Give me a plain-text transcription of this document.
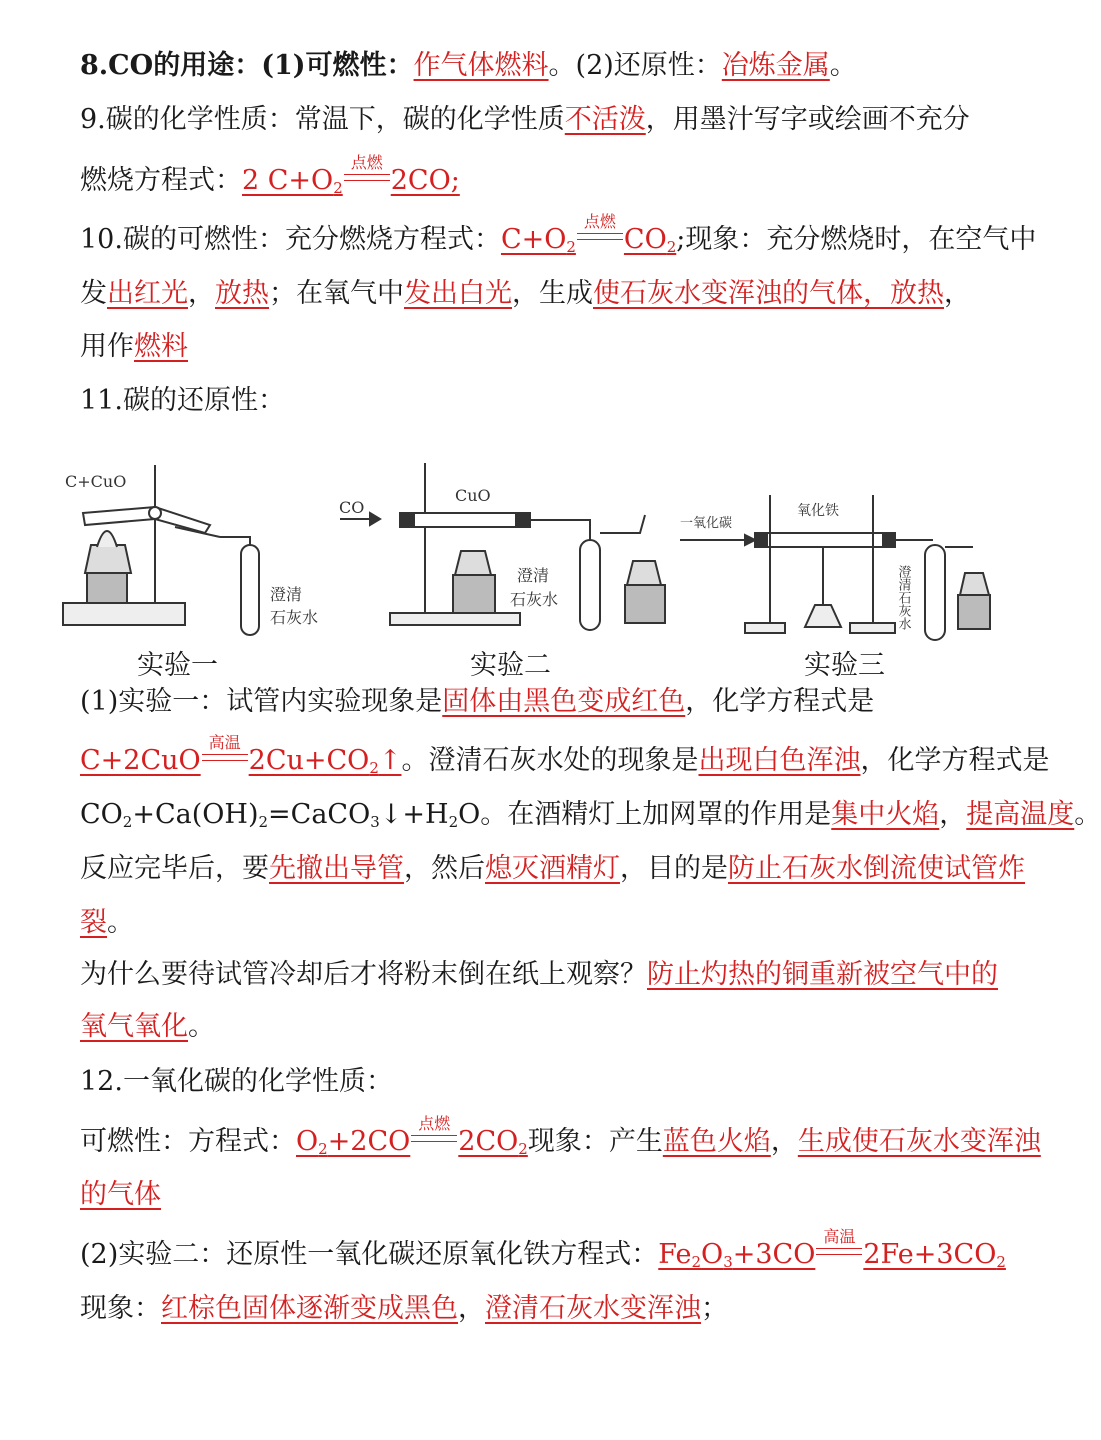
8.CO的用途：(1)可燃性：作气体燃料。(2)还原性：冶炼金属。
9.碳的化学性质：常温下，碳的化学性质不活泼，用墨汁写字或绘画不充分
燃烧方程式：2 $C+O_2$
点燃
2CO;
10.碳的可燃性：充分燃烧方程式：$C+O_2$
点燃
$CO_2$;现象：充分燃烧时，在空气中
发出红光，放热；在氧气中发出白光，生成使石灰水变浑浊的气体，放热，
用作燃料
11.碳的还原性：
C+CuO
澄清
石灰水
CO
CuO
澄清
石灰水
一氧化碳
氧化铁
澄清石灰水
实验一	实验二	实验三
(1)实验一：试管内实验现象是固体由黑色变成红色，化学方程式是
C+2CuO
高温
$2Cu+CO_2↑$。澄清石灰水处的现象是出现白色浑浊，化学方程式是
$CO_2+Ca(OH)_2=CaCO_3↓+H_2O$。在酒精灯上加网罩的作用是集中火焰，提高温度。
反应完毕后，要先撤出导管，然后熄灭酒精灯，目的是防止石灰水倒流使试管炸
裂。
为什么要待试管冷却后才将粉末倒在纸上观察？防止灼热的铜重新被空气中的
氧气氧化。
12.一氧化碳的化学性质：
可燃性：方程式：$O_2+2CO$
点燃
$2CO_2$现象：产生蓝色火焰，生成使石灰水变浑浊
的气体
(2)实验二：还原性一氧化碳还原氧化铁方程式：$Fe_2O_3+3CO$
高温
$2Fe+3CO_2$
现象：红棕色固体逐渐变成黑色，澄清石灰水变浑浊；
